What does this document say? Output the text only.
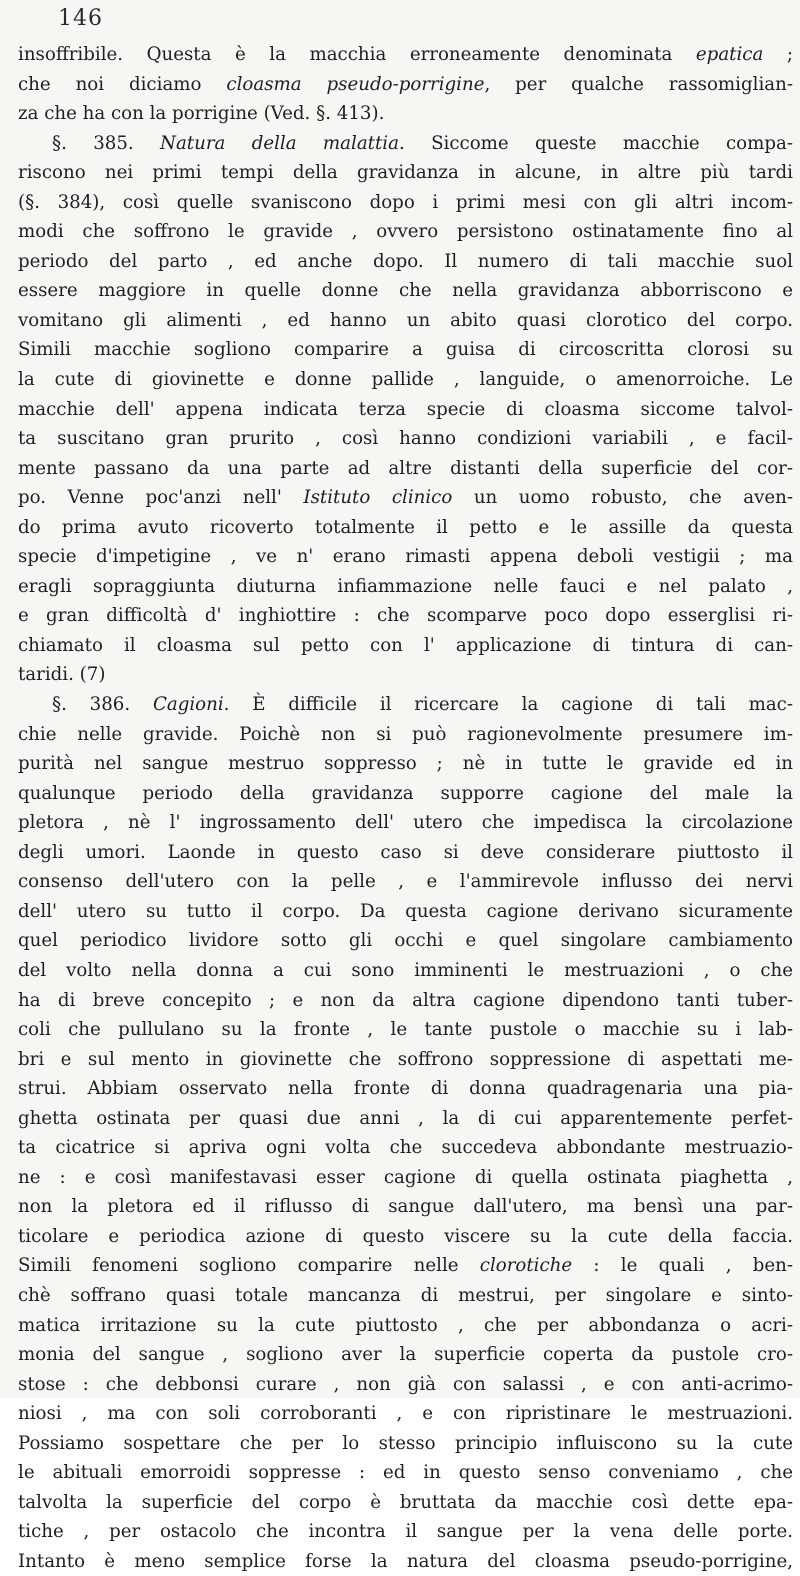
146
insoffribile. Questa è la macchia erroneamente denominata epatica ;
che noi diciamo cloasma pseudo-porrigine, per qualche rassomiglian-
za che ha con la porrigine (Ved. §. 413).
§. 385. Natura della malattia. Siccome queste macchie compa-
riscono nei primi tempi della gravidanza in alcune, in altre più tardi
(§. 384), così quelle svaniscono dopo i primi mesi con gli altri incom-
modi che soffrono le gravide , ovvero persistono ostinatamente fino al
periodo del parto , ed anche dopo. Il numero di tali macchie suol
essere maggiore in quelle donne che nella gravidanza abborriscono e
vomitano gli alimenti , ed hanno un abito quasi clorotico del corpo.
Simili macchie sogliono comparire a guisa di circoscritta clorosi su
la cute di giovinette e donne pallide , languide, o amenorroiche. Le
macchie dell' appena indicata terza specie di cloasma siccome talvol-
ta suscitano gran prurito , così hanno condizioni variabili , e facil-
mente passano da una parte ad altre distanti della superficie del cor-
po. Venne poc'anzi nell' Istituto clinico un uomo robusto, che aven-
do prima avuto ricoverto totalmente il petto e le assille da questa
specie d'impetigine , ve n' erano rimasti appena deboli vestigii ; ma
eragli sopraggiunta diuturna infiammazione nelle fauci e nel palato ,
e gran difficoltà d' inghiottire : che scomparve poco dopo esserglisi ri-
chiamato il cloasma sul petto con l' applicazione di tintura di can-
taridi. (7)
§. 386. Cagioni. È difficile il ricercare la cagione di tali mac-
chie nelle gravide. Poichè non si può ragionevolmente presumere im-
purità nel sangue mestruo soppresso ; nè in tutte le gravide ed in
qualunque periodo della gravidanza supporre cagione del male la
pletora , nè l' ingrossamento dell' utero che impedisca la circolazione
degli umori. Laonde in questo caso si deve considerare piuttosto il
consenso dell'utero con la pelle , e l'ammirevole influsso dei nervi
dell' utero su tutto il corpo. Da questa cagione derivano sicuramente
quel periodico lividore sotto gli occhi e quel singolare cambiamento
del volto nella donna a cui sono imminenti le mestruazioni , o che
ha di breve concepito ; e non da altra cagione dipendono tanti tuber-
coli che pullulano su la fronte , le tante pustole o macchie su i lab-
bri e sul mento in giovinette che soffrono soppressione di aspettati me-
strui. Abbiam osservato nella fronte di donna quadragenaria una pia-
ghetta ostinata per quasi due anni , la di cui apparentemente perfet-
ta cicatrice si apriva ogni volta che succedeva abbondante mestruazio-
ne : e così manifestavasi esser cagione di quella ostinata piaghetta ,
non la pletora ed il riflusso di sangue dall'utero, ma bensì una par-
ticolare e periodica azione di questo viscere su la cute della faccia.
Simili fenomeni sogliono comparire nelle clorotiche : le quali , ben-
chè soffrano quasi totale mancanza di mestrui, per singolare e sinto-
matica irritazione su la cute piuttosto , che per abbondanza o acri-
monia del sangue , sogliono aver la superficie coperta da pustole cro-
stose : che debbonsi curare , non già con salassi , e con anti-acrimo-
niosi , ma con soli corroboranti , e con ripristinare le mestruazioni.
Possiamo sospettare che per lo stesso principio influiscono su la cute
le abituali emorroidi soppresse : ed in questo senso conveniamo , che
talvolta la superficie del corpo è bruttata da macchie così dette epa-
tiche , per ostacolo che incontra il sangue per la vena delle porte.
Intanto è meno semplice forse la natura del cloasma pseudo-porrigine,
